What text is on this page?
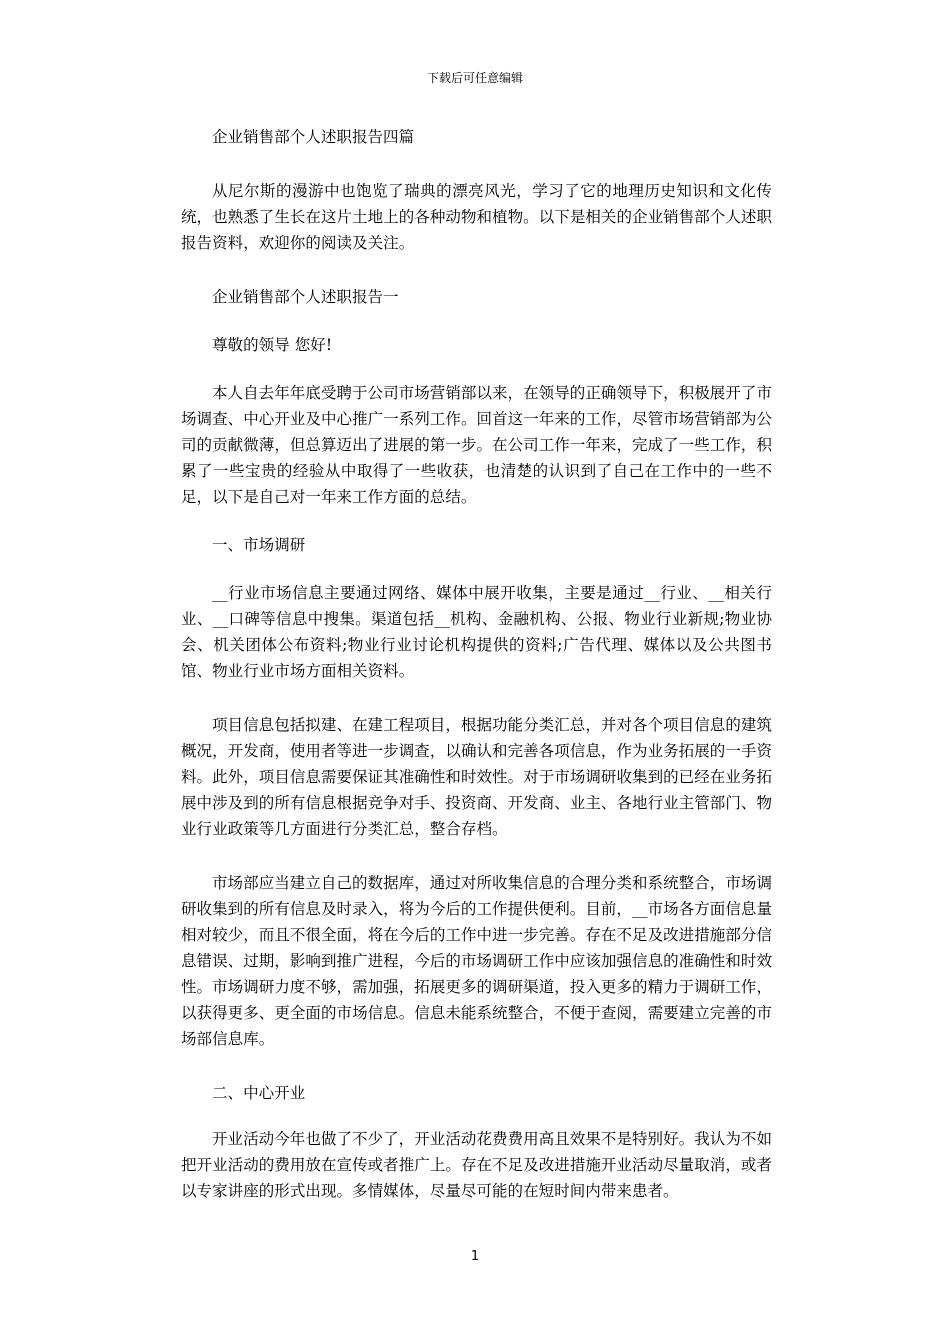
下载后可任意编辑

企业销售部个人述职报告四篇

从尼尔斯的漫游中也饱览了瑞典的漂亮风光，学习了它的地理历史知识和文化传统，也熟悉了生长在这片土地上的各种动物和植物。以下是相关的企业销售部个人述职报告资料，欢迎你的阅读及关注。

企业销售部个人述职报告一

尊敬的领导 您好!

本人自去年年底受聘于公司市场营销部以来，在领导的正确领导下，积极展开了市场调查、中心开业及中心推广一系列工作。回首这一年来的工作，尽管市场营销部为公司的贡献微薄，但总算迈出了进展的第一步。在公司工作一年来，完成了一些工作，积累了一些宝贵的经验从中取得了一些收获，也清楚的认识到了自己在工作中的一些不足，以下是自己对一年来工作方面的总结。

一、市场调研

__行业市场信息主要通过网络、媒体中展开收集，主要是通过__行业、__相关行业、__口碑等信息中搜集。渠道包括__机构、金融机构、公报、物业行业新规;物业协会、机关团体公布资料;物业行业讨论机构提供的资料;广告代理、媒体以及公共图书馆、物业行业市场方面相关资料。

项目信息包括拟建、在建工程项目，根据功能分类汇总，并对各个项目信息的建筑概况，开发商，使用者等进一步调查，以确认和完善各项信息，作为业务拓展的一手资料。此外，项目信息需要保证其准确性和时效性。对于市场调研收集到的已经在业务拓展中涉及到的所有信息根据竞争对手、投资商、开发商、业主、各地行业主管部门、物业行业政策等几方面进行分类汇总，整合存档。

市场部应当建立自己的数据库，通过对所收集信息的合理分类和系统整合，市场调研收集到的所有信息及时录入，将为今后的工作提供便利。目前，__市场各方面信息量相对较少，而且不很全面，将在今后的工作中进一步完善。存在不足及改进措施部分信息错误、过期，影响到推广进程，今后的市场调研工作中应该加强信息的准确性和时效性。市场调研力度不够，需加强，拓展更多的调研渠道，投入更多的精力于调研工作，以获得更多、更全面的市场信息。信息未能系统整合，不便于查阅，需要建立完善的市场部信息库。

二、中心开业

开业活动今年也做了不少了，开业活动花费费用高且效果不是特别好。我认为不如把开业活动的费用放在宣传或者推广上。存在不足及改进措施开业活动尽量取消，或者以专家讲座的形式出现。多情媒体，尽量尽可能的在短时间内带来患者。

1
